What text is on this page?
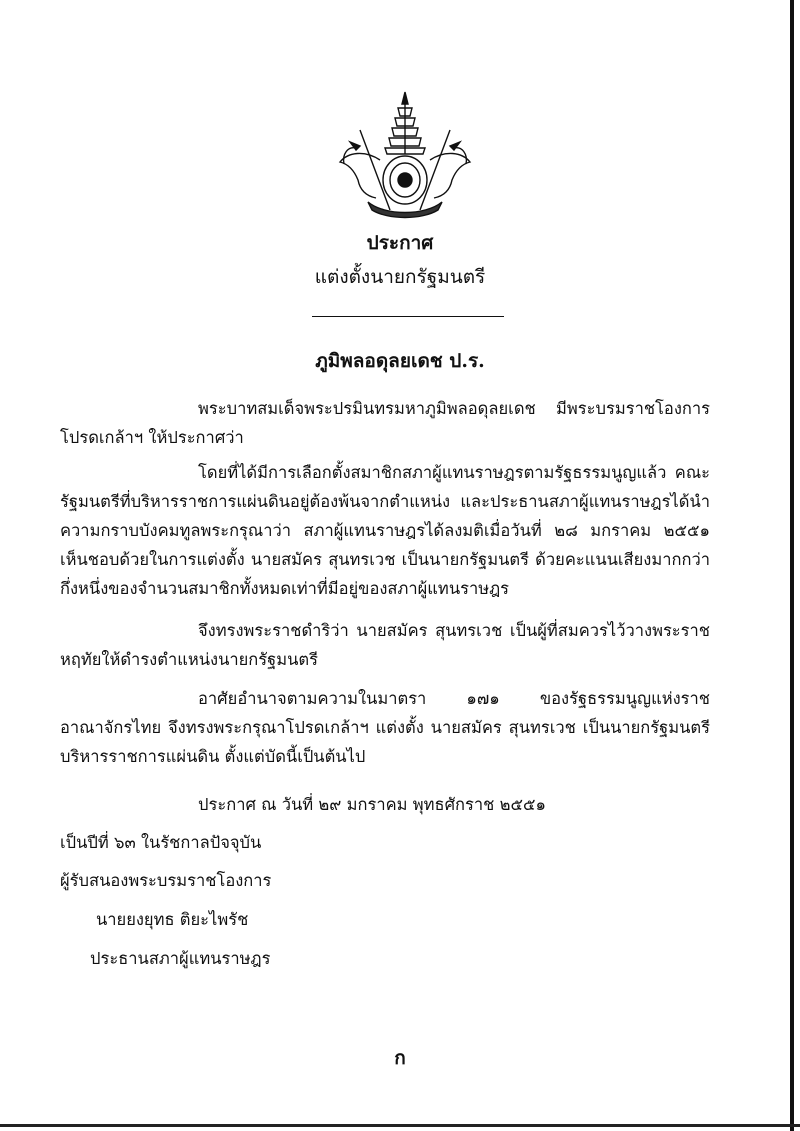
ประกาศ
แต่งตั้งนายกรัฐมนตรี
ภูมิพลอดุลยเดช ป.ร.
พระบาทสมเด็จพระปรมินทรมหาภูมิพลอดุลยเดช มีพระบรมราชโองการโปรดเกล้าฯ ให้ประกาศว่า
โดยที่ได้มีการเลือกตั้งสมาชิกสภาผู้แทนราษฎรตามรัฐธรรมนูญแล้ว คณะรัฐมนตรีที่บริหารราชการแผ่นดินอยู่ต้องพ้นจากตำแหน่ง และประธานสภาผู้แทนราษฎรได้นำความกราบบังคมทูลพระกรุณาว่า สภาผู้แทนราษฎรได้ลงมติเมื่อวันที่ ๒๘ มกราคม ๒๕๕๑ เห็นชอบด้วยในการแต่งตั้ง นายสมัคร สุนทรเวช เป็นนายกรัฐมนตรี ด้วยคะแนนเสียงมากกว่ากึ่งหนึ่งของจำนวนสมาชิกทั้งหมดเท่าที่มีอยู่ของสภาผู้แทนราษฎร
จึงทรงพระราชดำริว่า นายสมัคร สุนทรเวช เป็นผู้ที่สมควรไว้วางพระราชหฤทัยให้ดำรงตำแหน่งนายกรัฐมนตรี
อาศัยอำนาจตามความในมาตรา ๑๗๑ ของรัฐธรรมนูญแห่งราชอาณาจักรไทย จึงทรงพระกรุณาโปรดเกล้าฯ แต่งตั้ง นายสมัคร สุนทรเวช เป็นนายกรัฐมนตรีบริหารราชการแผ่นดิน ตั้งแต่บัดนี้เป็นต้นไป
ประกาศ ณ วันที่ ๒๙ มกราคม พุทธศักราช ๒๕๕๑
เป็นปีที่ ๖๓ ในรัชกาลปัจจุบัน
ผู้รับสนองพระบรมราชโองการ
นายยงยุทธ ติยะไพรัช
ประธานสภาผู้แทนราษฎร
ก
